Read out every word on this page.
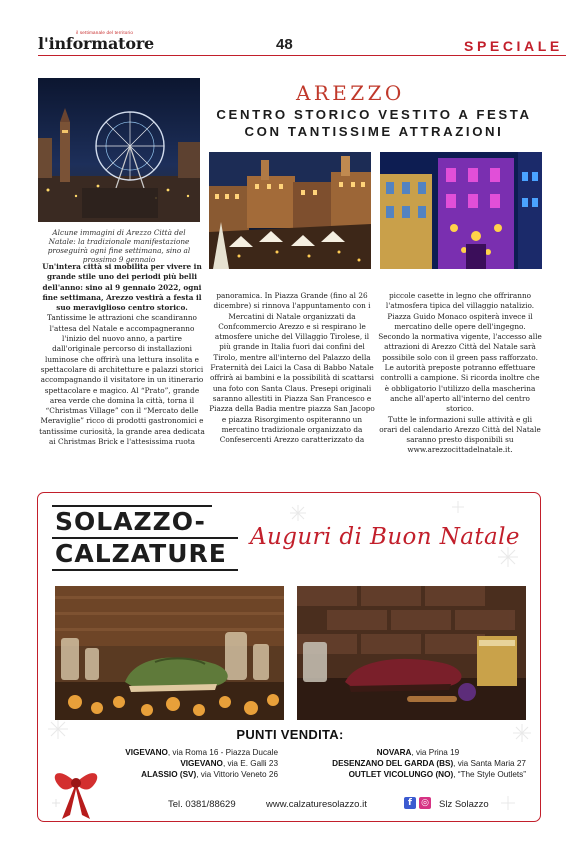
il settimanale del territorio
l'informatore	48	SPECIALE
Alcune immagini di Arezzo Città del Natale: la tradizionale manifestazione proseguirà ogni fine settimana, sino al prossimo 9 gennaio
AREZZO
CENTRO STORICO VESTITO A FESTA
CON TANTISSIME ATTRAZIONI

Un'intera città si mobilita per vivere in grande stile uno dei periodi più belli dell'anno: sino al 9 gennaio 2022, ogni fine settimana, Arezzo vestirà a festa il suo meraviglioso centro storico.

Tantissime le attrazioni che scandiranno l'attesa del Natale e accompagneranno l'inizio del nuovo anno, a partire dall'originale percorso di installazioni luminose che offrirà una lettura insolita e spettacolare di architetture e palazzi storici accompagnando il visitatore in un itinerario spettacolare e magico. Al “Prato”, grande area verde che domina la città, torna il “Christmas Village” con il “Mercato delle Meraviglie” ricco di prodotti gastronomici e tantissime curiosità, la grande area dedicata ai Christmas Brick e l'attesissima ruota

panoramica. In Piazza Grande (fino al 26 dicembre) si rinnova l'appuntamento con i Mercatini di Natale organizzati da Confcommercio Arezzo e si respirano le atmosfere uniche del Villaggio Tirolese, il più grande in Italia fuori dai confini del Tirolo, mentre all'interno del Palazzo della Fraternità dei Laici la Casa di Babbo Natale offrirà ai bambini e la possibilità di scattarsi una foto con Santa Claus. Presepi originali saranno allestiti in Piazza San Francesco e Piazza della Badia mentre piazza San Jacopo e piazza Risorgimento ospiteranno un mercatino tradizionale organizzato da Confesercenti Arezzo caratterizzato da

piccole casette in legno che offriranno l'atmosfera tipica del villaggio natalizio. Piazza Guido Monaco ospiterà invece il mercatino delle opere dell'ingegno.

Secondo la normativa vigente, l'accesso alle attrazioni di Arezzo Città del Natale sarà possibile solo con il green pass rafforzato. Le autorità preposte potranno effettuare controlli a campione. Si ricorda inoltre che è obbligatorio l'utilizzo della mascherina anche all'aperto all'interno del centro storico.

Tutte le informazioni sulle attività e gli orari del calendario Arezzo Città del Natale saranno presto disponibili su www.arezzocittadelnatale.it.

SOLAZZO-
CALZATURE
Auguri di Buon Natale
PUNTI VENDITA:
VIGEVANO, via Roma 16 - Piazza Ducale
VIGEVANO, via E. Galli 23
ALASSIO (SV), via Vittorio Veneto 26
NOVARA, via Prina 19
DESENZANO DEL GARDA (BS), via Santa Maria 27
OUTLET VICOLUNGO (NO), “The Style Outlets”
Tel. 0381/88629	www.calzaturesolazzo.it	f	◎ Slz Solazzo
